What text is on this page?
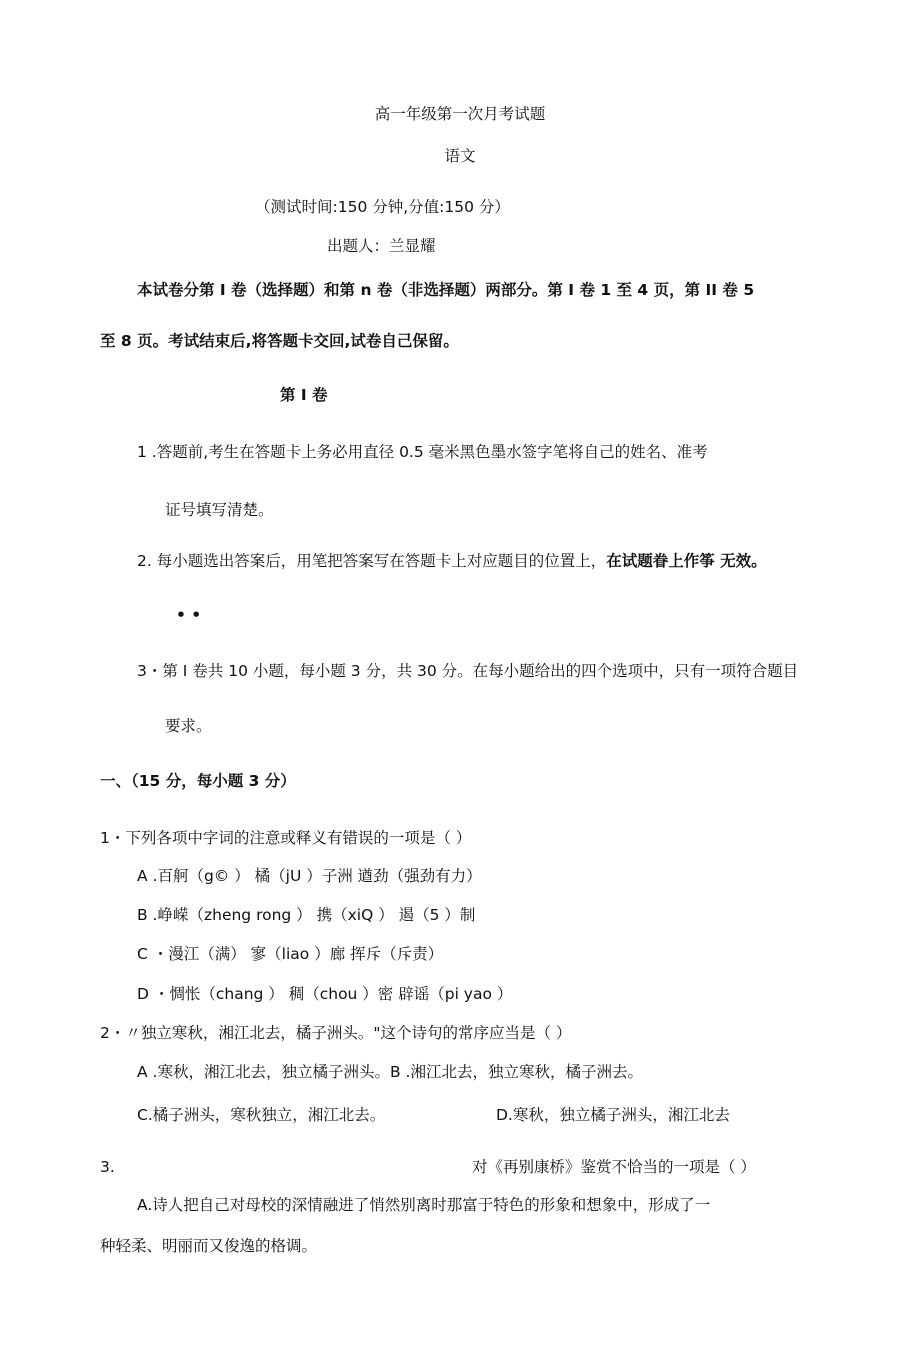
高一年级第一次月考试题
语文
（测试时间:150 分钟,分值:150 分）
出题人：兰显耀
本试卷分第 I 卷（选择题）和第 n 卷（非选择题）两部分。第 I 卷 1 至 4 页，第 II 卷 5
至 8 页。考试结束后,将答题卡交回,试卷自己保留。
第 I 卷
1 .答题前,考生在答题卡上务必用直径 0.5 毫米黑色墨水签字笔将自己的姓名、准考
证号填写清楚。
2. 每小题选出答案后，用笔把答案写在答题卡上对应题目的位置上，在试题眷上作筝 无效。
• •
3・第 I 卷共 10 小题，每小题 3 分，共 30 分。在每小题给出的四个选项中，只有一项符合题目
要求。
一、（15 分，每小题 3 分）
1・下列各项中字词的注意或释义有错误的一项是（ ）
A .百舸（g© ） 橘（jU ）子洲 遒劲（强劲有力）
B .峥嵘（zheng rong ） 携（xiQ ） 遏（5 ）制
C ・漫江（满） 寥（liao ）廊 挥斥（斥责）
D ・惆怅（chang ） 稠（chou ）密 辟谣（pi yao ）
2・〃独立寒秋，湘江北去，橘子洲头。"这个诗句的常序应当是（ ）
A .寒秋，湘江北去，独立橘子洲头。B .湘江北去，独立寒秋，橘子洲去。
C.橘子洲头，寒秋独立，湘江北去。	D.寒秋，独立橘子洲头，湘江北去
3.	对《再别康桥》鉴赏不恰当的一项是（ ）
A.诗人把自己对母校的深情融进了悄然别离时那富于特色的形象和想象中，形成了一
种轻柔、明丽而又俊逸的格调。
